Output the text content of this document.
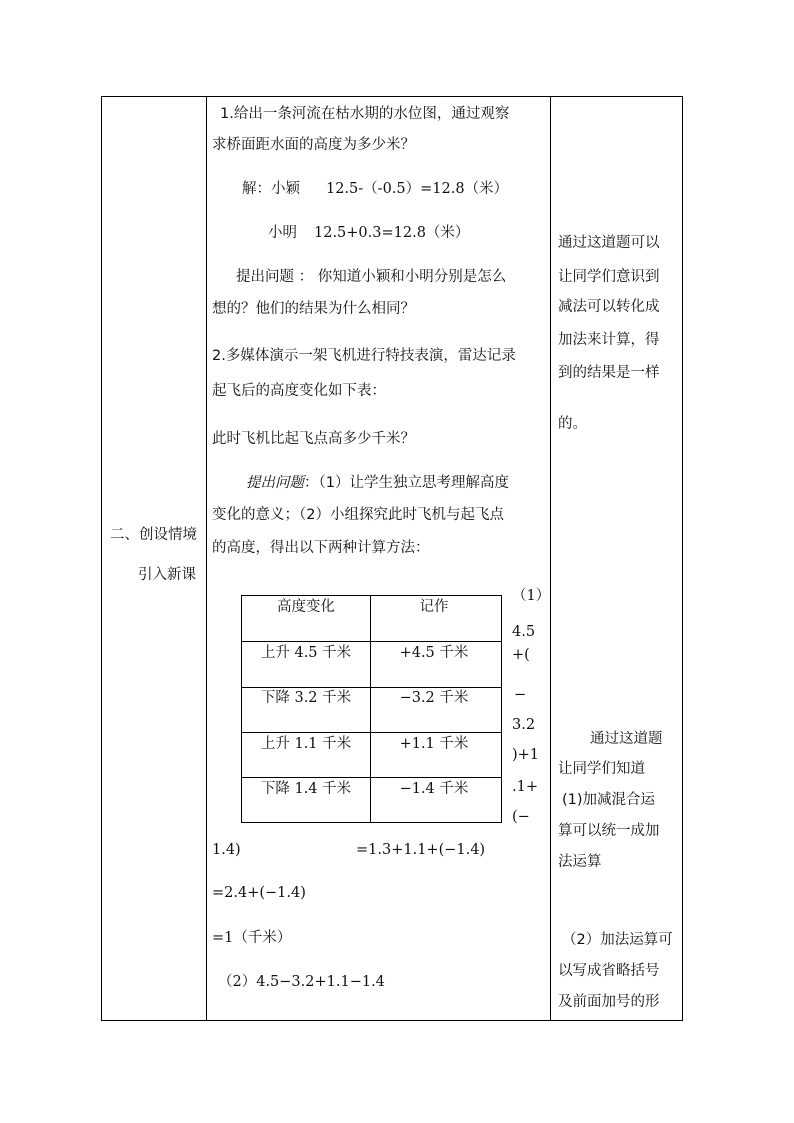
二、创设情境
引入新课
1.给出一条河流在枯水期的水位图，通过观察
求桥面距水面的高度为多少米？
解：小颖 12.5-（-0.5）=12.8（米）
小明 12.5+0.3=12.8（米）
提出问题 ： 你知道小颖和小明分别是怎么
想的？他们的结果为什么相同？
2.多媒体演示一架飞机进行特技表演，雷达记录
起飞后的高度变化如下表：
此时飞机比起飞点高多少千米？
提出问题：（1）让学生独立思考理解高度
变化的意义；（2）小组探究此时飞机与起飞点
的高度，得出以下两种计算方法：
高度变化	记作
上升 4.5 千米	+4.5 千米
下降 3.2 千米	−3.2 千米
上升 1.1 千米	+1.1 千米
下降 1.4 千米	−1.4 千米
（1）
4.5
+(
−
3.2
)+1
.1+
(−
1.4)	=1.3+1.1+(−1.4)
=2.4+(−1.4)
=1（千米）
（2）4.5−3.2+1.1−1.4
通过这道题可以
让同学们意识到
减法可以转化成
加法来计算，得
到的结果是一样
的。
通过这道题
让同学们知道
(1)加减混合运
算可以统一成加
法运算
（2）加法运算可
以写成省略括号
及前面加号的形
